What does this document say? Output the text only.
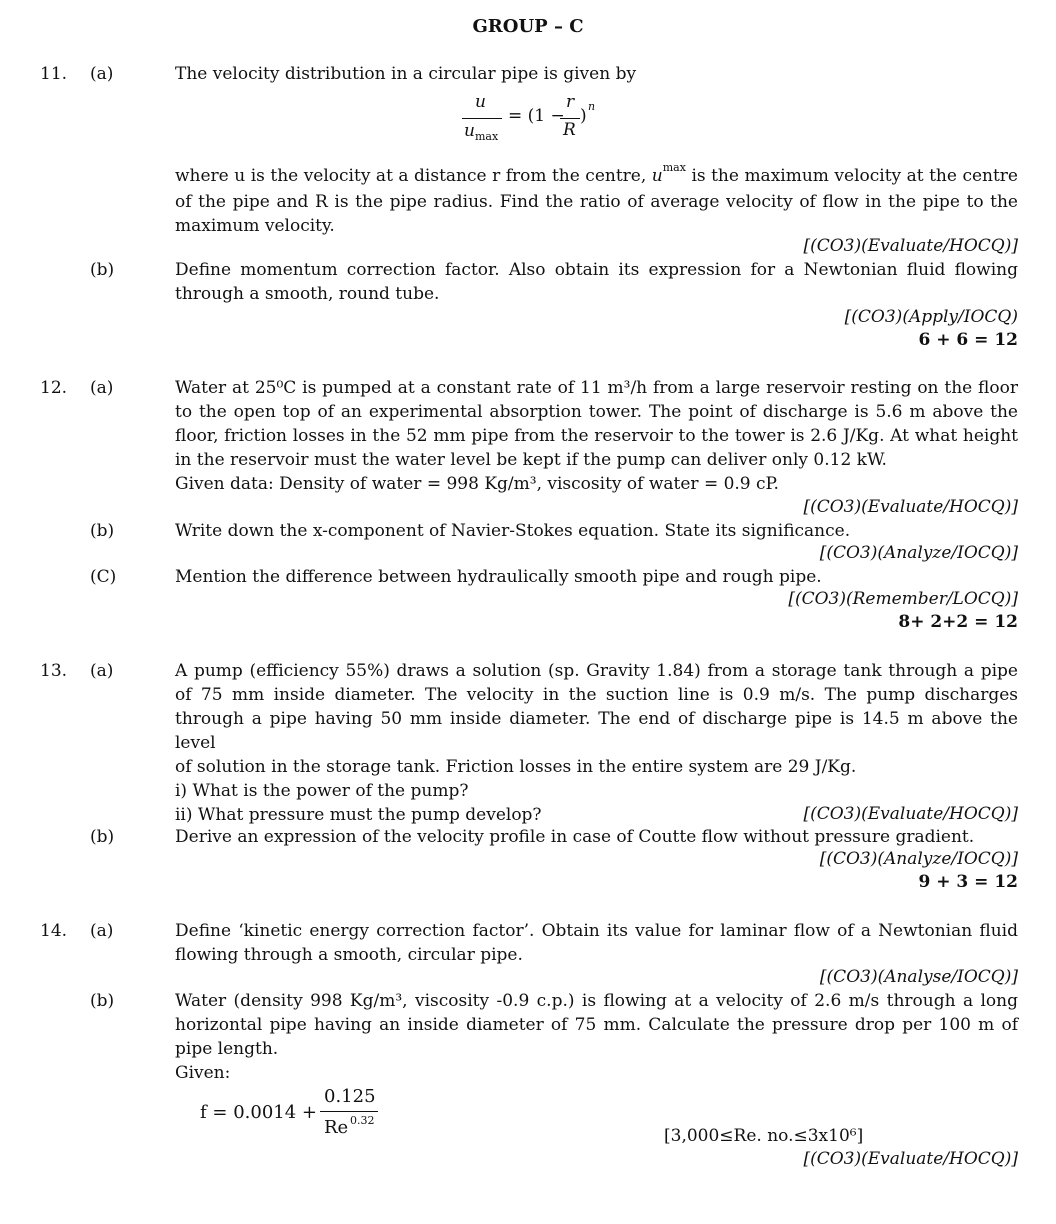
GROUP – C
11. (a)	The velocity distribution in a circular pipe is given by
u
u max
= (1 −
r
R
) n
where u is the velocity at a distance r from the centre, $u^{max}$ is the maximum velocity at the centre
of the pipe and R is the pipe radius. Find the ratio of average velocity of flow in the pipe to the
maximum velocity.
[(CO3)(Evaluate/HOCQ)]
(b)	Define momentum correction factor. Also obtain its expression for a Newtonian fluid flowing
through a smooth, round tube.
[(CO3)(Apply/IOCQ)
6 + 6 = 12
12. (a)	Water at 25⁰C is pumped at a constant rate of 11 m³/h from a large reservoir resting on the floor
to the open top of an experimental absorption tower. The point of discharge is 5.6 m above the
floor, friction losses in the 52 mm pipe from the reservoir to the tower is 2.6 J/Kg. At what height
in the reservoir must the water level be kept if the pump can deliver only 0.12 kW.
Given data: Density of water = 998 Kg/m³, viscosity of water = 0.9 cP.
[(CO3)(Evaluate/HOCQ)]
(b)	Write down the x-component of Navier-Stokes equation. State its significance.
[(CO3)(Analyze/IOCQ)]
(C)	Mention the difference between hydraulically smooth pipe and rough pipe.
[(CO3)(Remember/LOCQ)]
8+ 2+2 = 12
13. (a)	A pump (efficiency 55%) draws a solution (sp. Gravity 1.84) from a storage tank through a pipe
of 75 mm inside diameter. The velocity in the suction line is 0.9 m/s. The pump discharges
through a pipe having 50 mm inside diameter. The end of discharge pipe is 14.5 m above the level
of solution in the storage tank. Friction losses in the entire system are 29 J/Kg.
i) What is the power of the pump?
ii) What pressure must the pump develop?	[(CO3)(Evaluate/HOCQ)]
(b)	Derive an expression of the velocity profile in case of Coutte flow without pressure gradient.
[(CO3)(Analyze/IOCQ)]
9 + 3 = 12
14. (a)	Define ‘kinetic energy correction factor’. Obtain its value for laminar flow of a Newtonian fluid
flowing through a smooth, circular pipe.
[(CO3)(Analyse/IOCQ)]
(b)	Water (density 998 Kg/m³, viscosity -0.9 c.p.) is flowing at a velocity of 2.6 m/s through a long
horizontal pipe having an inside diameter of 75 mm. Calculate the pressure drop per 100 m of
pipe length.
Given:
f = 0.0014 +
0.125
Re 0.32
[3,000≤Re. no.≤3x10⁶]
[(CO3)(Evaluate/HOCQ)]
